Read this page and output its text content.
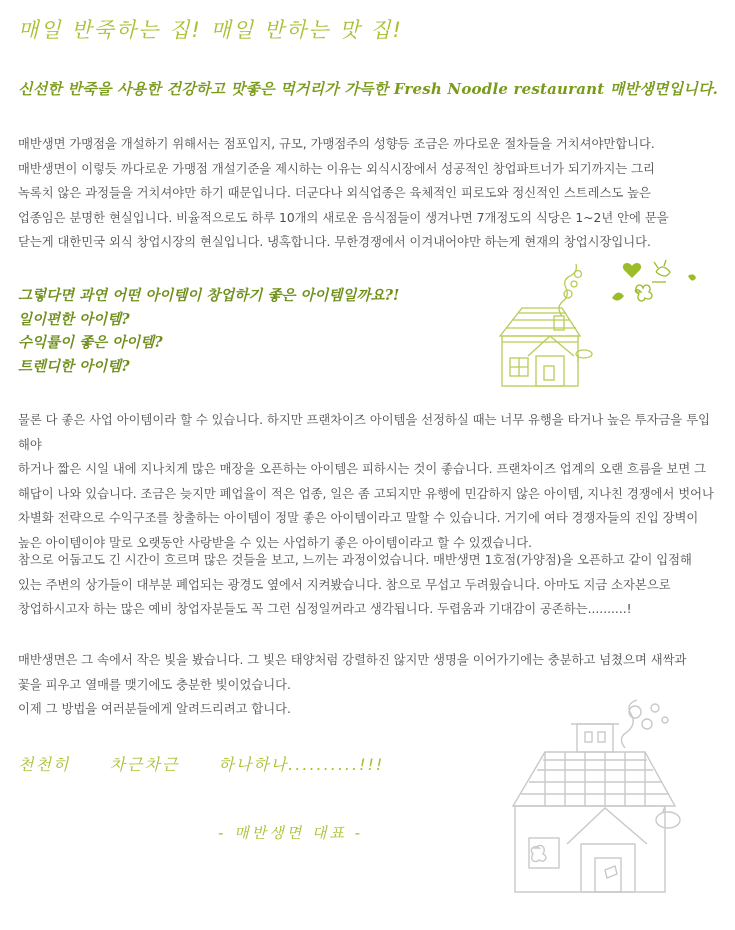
매일 반죽하는 집! 매일 반하는 맛 집!
신선한 반죽을 사용한 건강하고 맛좋은 먹거리가 가득한 Fresh Noodle restaurant 매반생면입니다.

매반생면 가맹점을 개설하기 위해서는 점포입지, 규모, 가맹점주의 성향등 조금은 까다로운 절차들을 거치셔야만합니다.

매반생면이 이렇듯 까다로운 가맹점 개설기준을 제시하는 이유는 외식시장에서 성공적인 창업파트너가 되기까지는 그리

녹록치 않은 과정들을 거치셔야만 하기 때문입니다. 더군다나 외식업종은 육체적인 피로도와 정신적인 스트레스도 높은

업종임은 분명한 현실입니다. 비율적으로도 하루 10개의 새로운 음식점들이 생겨나면 7개정도의 식당은 1~2년 안에 문을

닫는게 대한민국 외식 창업시장의 현실입니다. 냉혹합니다. 무한경쟁에서 이겨내어야만 하는게 현재의 창업시장입니다.

그렇다면 과연 어떤 아이템이 창업하기 좋은 아이템일까요?!
일이편한 아이템?
수익률이 좋은 아이템?
트렌디한 아이템?

물론 다 좋은 사업 아이템이라 할 수 있습니다. 하지만 프랜차이즈 아이템을 선정하실 때는 너무 유행을 타거나 높은 투자금을 투입해야

하거나 짧은 시일 내에 지나치게 많은 매장을 오픈하는 아이템은 피하시는 것이 좋습니다. 프랜차이즈 업계의 오랜 흐름을 보면 그

해답이 나와 있습니다. 조금은 늦지만 폐업율이 적은 업종, 일은 좀 고되지만 유행에 민감하지 않은 아이템, 지나친 경쟁에서 벗어나

차별화 전략으로 수익구조를 창출하는 아이템이 정말 좋은 아이템이라고 말할 수 있습니다. 거기에 여타 경쟁자들의 진입 장벽이

높은 아이템이야 말로 오랫동안 사랑받을 수 있는 사업하기 좋은 아이템이라고 할 수 있겠습니다.

참으로 어둡고도 긴 시간이 흐르며 많은 것들을 보고, 느끼는 과정이었습니다. 매반생면 1호점(가양점)을 오픈하고 같이 입점해

있는 주변의 상가들이 대부분 폐업되는 광경도 옆에서 지켜봤습니다. 참으로 무섭고 두려웠습니다. 아마도 지금 소자본으로

창업하시고자 하는 많은 예비 창업자분들도 꼭 그런 심정일꺼라고 생각됩니다. 두렵움과 기대감이 공존하는..........!

매반생면은 그 속에서 작은 빛을 봤습니다. 그 빛은 태양처럼 강렬하진 않지만 생명을 이어가기에는 충분하고 넘쳤으며 새싹과

꽃을 피우고 열매를 맺기에도 충분한 빛이었습니다.

이제 그 방법을 여러분들에게 알려드리려고 합니다.

천천히 차근차근 하나하나..........!!!
- 매반생면 대표 -
